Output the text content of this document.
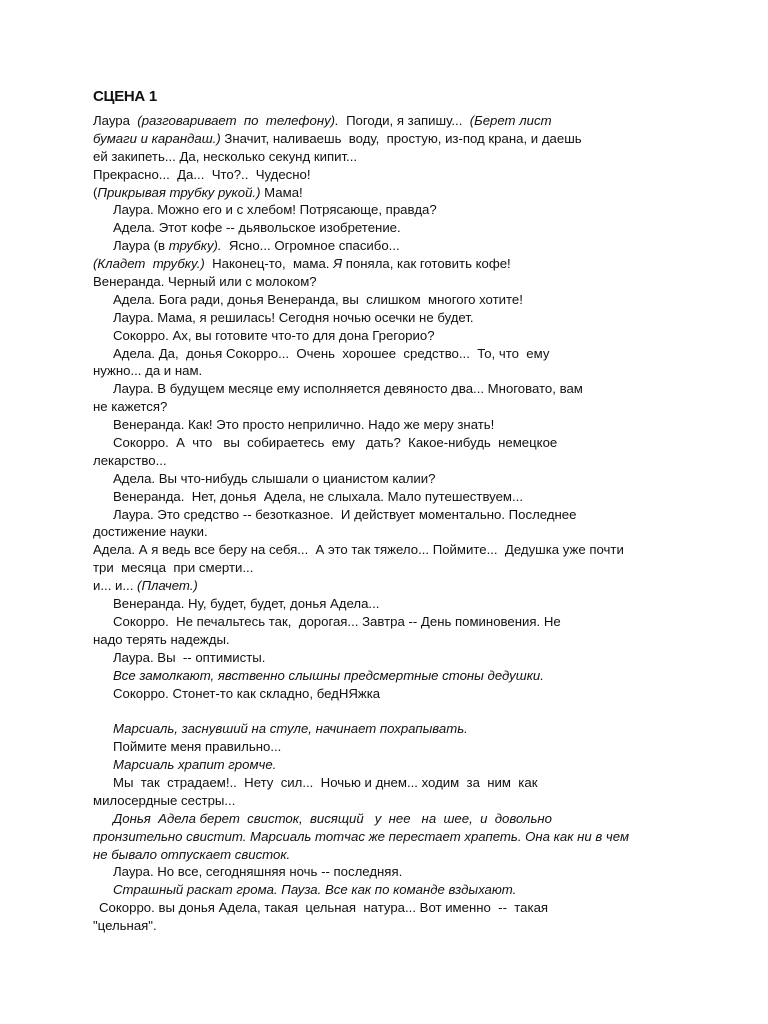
СЦЕНА 1
Лаура  (разговаривает  по  телефону).  Погоди, я запишу...  (Берет лист
бумаги и карандаш.) Значит, наливаешь  воду,  простую, из-под крана, и даешь
ей закипеть... Да, несколько секунд кипит...
Прекрасно...  Да...  Что?..  Чудесно!
(Прикрывая трубку рукой.) Мама!
Лаура. Можно его и с хлебом! Потрясающе, правда?
Адела. Этот кофе -- дьявольское изобретение.
Лаура (в трубку).  Ясно... Огромное спасибо...
(Кладет  трубку.)  Наконец-то,  мама. Я поняла, как готовить кофе!
Венеранда. Черный или с молоком?
Адела. Бога ради, донья Венеранда, вы  слишком  многого хотите!
Лаура. Мама, я решилась! Сегодня ночью осечки не будет.
Сокорро. Ах, вы готовите что-то для дона Грегорио?
Адела. Да,  донья Сокорро...  Очень  хорошее  средство...  То, что  ему
нужно... да и нам.
Лаура. В будущем месяце ему исполняется девяносто два... Многовато, вам
не кажется?
Венеранда. Как! Это просто неприлично. Надо же меру знать!
Сокорро.  А  что   вы  собираетесь  ему   дать?  Какое-нибудь  немецкое
лекарство...
Адела. Вы что-нибудь слышали о цианистом калии?
Венеранда.  Нет, донья  Адела, не слыхала. Мало путешествуем...
Лаура. Это средство -- безотказное.  И действует моментально. Последнее
достижение науки.
Адела. А я ведь все беру на себя...  А это так тяжело... Поймите...  Дедушка уже почти
три  месяца  при смерти...
и... и... (Плачет.)
Венеранда. Ну, будет, будет, донья Адела...
Сокорро.  Не печальтесь так,  дорогая... Завтра -- День поминовения. Не
надо терять надежды.
Лаура. Вы  -- оптимисты.
Все замолкают, явственно слышны предсмертные стоны дедушки.
Сокорро. Стонет-то как складно, бедНЯжка
Марсиаль, заснувший на стуле, начинает похрапывать.
Поймите меня правильно...
Марсиаль храпит громче.
Мы  так  страдаем!..  Нету  сил...  Ночью и днем... ходим  за  ним  как
милосердные сестры...
Донья  Адела берет  свисток,  висящий   у  нее   на  шее,  и  довольно
пронзительно свистит. Марсиаль тотчас же перестает храпеть. Она как ни в чем
не бывало отпускает свисток.
Лаура. Но все, сегодняшняя ночь -- последняя.
Страшный раскат грома. Пауза. Все как по команде вздыхают.
Сокорро. вы донья Адела, такая  цельная  натура... Вот именно  --  такая
"цельная".
